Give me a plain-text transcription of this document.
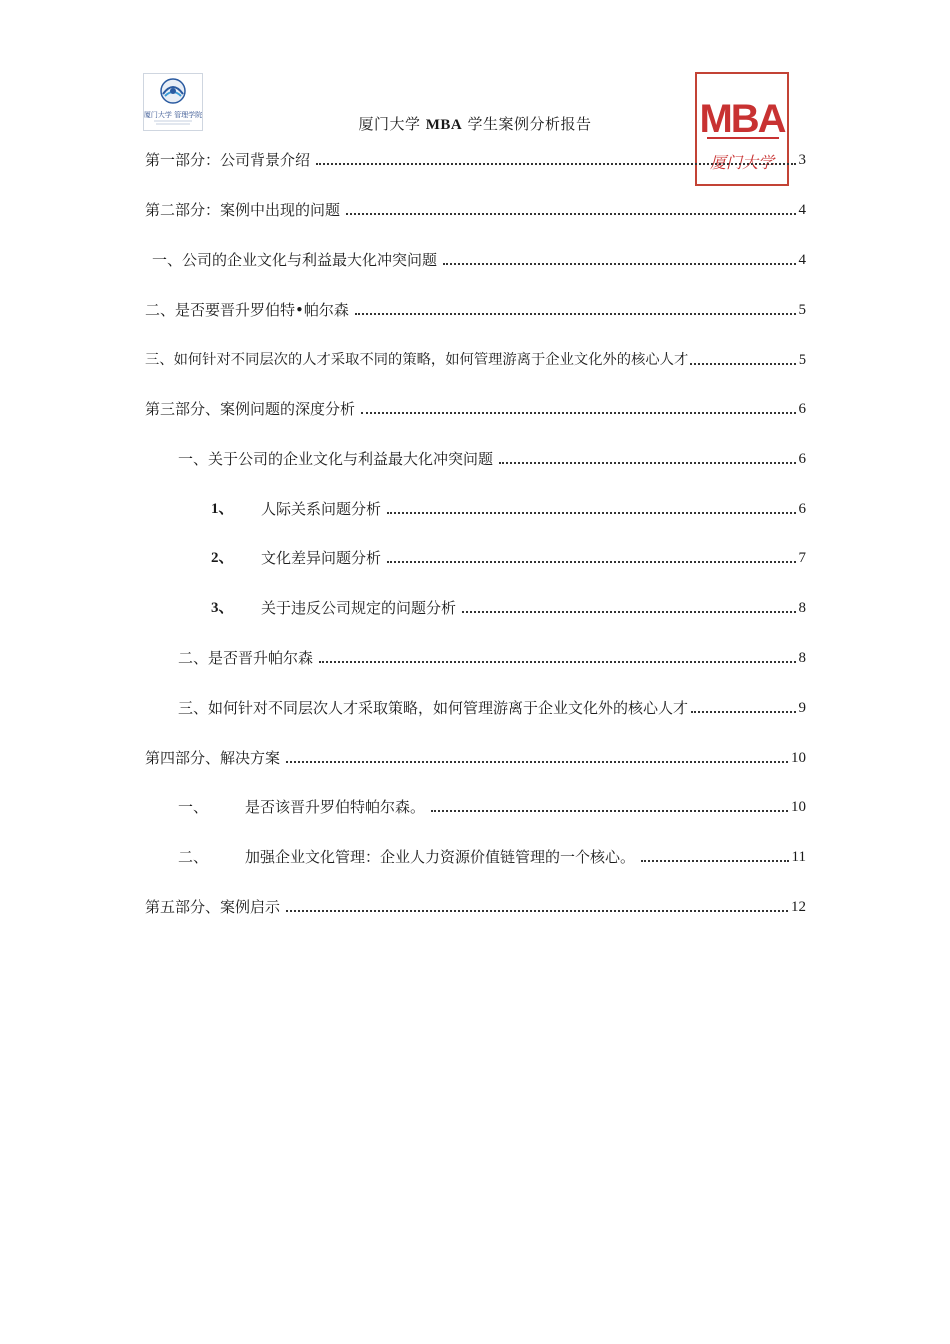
厦门大学 管理学院	MBA
厦门大学
厦门大学 MBA 学生案例分析报告
第一部分：公司背景介绍	3
第二部分：案例中出现的问题	4
一、公司的企业文化与利益最大化冲突问题	4
二、是否要晋升罗伯特•帕尔森	5
三、如何针对不同层次的人才采取不同的策略，如何管理游离于企业文化外的核心人才	5
第三部分、案例问题的深度分析	6
一、关于公司的企业文化与利益最大化冲突问题	6
1、	人际关系问题分析	6
2、	文化差异问题分析	7
3、	关于违反公司规定的问题分析	8
二、是否晋升帕尔森	8
三、如何针对不同层次人才采取策略，如何管理游离于企业文化外的核心人才	9
第四部分、解决方案	10
一、	是否该晋升罗伯特帕尔森。	10
二、	加强企业文化管理：企业人力资源价值链管理的一个核心。	11
第五部分、案例启示	12
